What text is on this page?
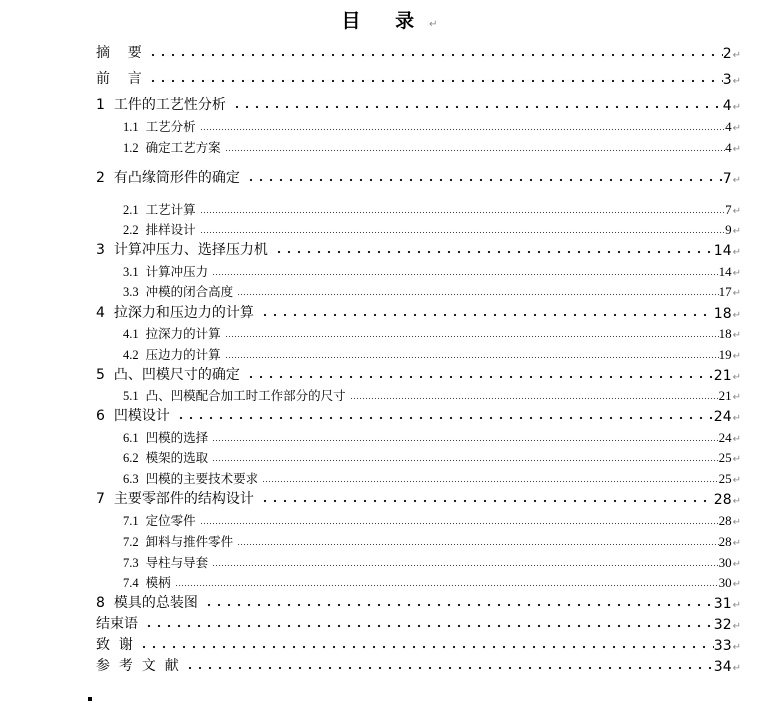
目 录↵
摘    要	2↵
前    言	3↵
1 工件的工艺性分析	4↵
1.1 工艺分析	4↵
1.2 确定工艺方案	4↵
2 有凸缘筒形件的确定	7↵
2.1 工艺计算	7↵
2.2 排样设计	9↵
3 计算冲压力、选择压力机	14↵
3.1 计算冲压力	14↵
3.3 冲模的闭合高度	17↵
4 拉深力和压边力的计算	18↵
4.1 拉深力的计算	18↵
4.2 压边力的计算	19↵
5 凸、凹模尺寸的确定	21↵
5.1 凸、凹模配合加工时工作部分的尺寸	21↵
6 凹模设计	24↵
6.1 凹模的选择	24↵
6.2 模架的选取	25↵
6.3 凹模的主要技术要求	25↵
7 主要零部件的结构设计	28↵
7.1 定位零件	28↵
7.2 卸料与推件零件	28↵
7.3 导柱与导套	30↵
7.4 模柄	30↵
8 模具的总装图	31↵
结束语	32↵
致  谢	33↵
参  考  文  献	34↵
